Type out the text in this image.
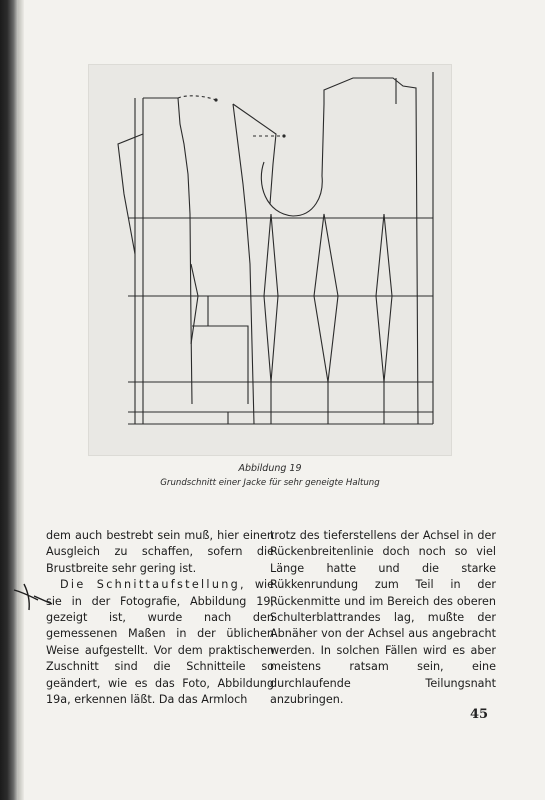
Abbildung 19
Grundschnitt einer Jacke für sehr geneigte Haltung

dem auch bestrebt sein muß, hier einen Ausgleich zu schaffen, sofern die Brustbreite sehr gering ist.

Die Schnittaufstellung, wie sie in der Fotografie, Abbildung 19, gezeigt ist, wurde nach den gemessenen Maßen in der üblichen Weise aufgestellt. Vor dem praktischen Zuschnitt sind die Schnitteile so geändert, wie es das Foto, Abbildung 19a, erkennen läßt. Da das Armloch

trotz des tieferstellens der Achsel in der Rückenbreitenlinie doch noch so viel Länge hatte und die starke Rükkenrundung zum Teil in der Rückenmitte und im Bereich des oberen Schulterblattrandes lag, mußte der Abnäher von der Achsel aus angebracht werden. In solchen Fällen wird es aber meistens ratsam sein, eine durchlaufende Teilungsnaht anzubringen.

45
